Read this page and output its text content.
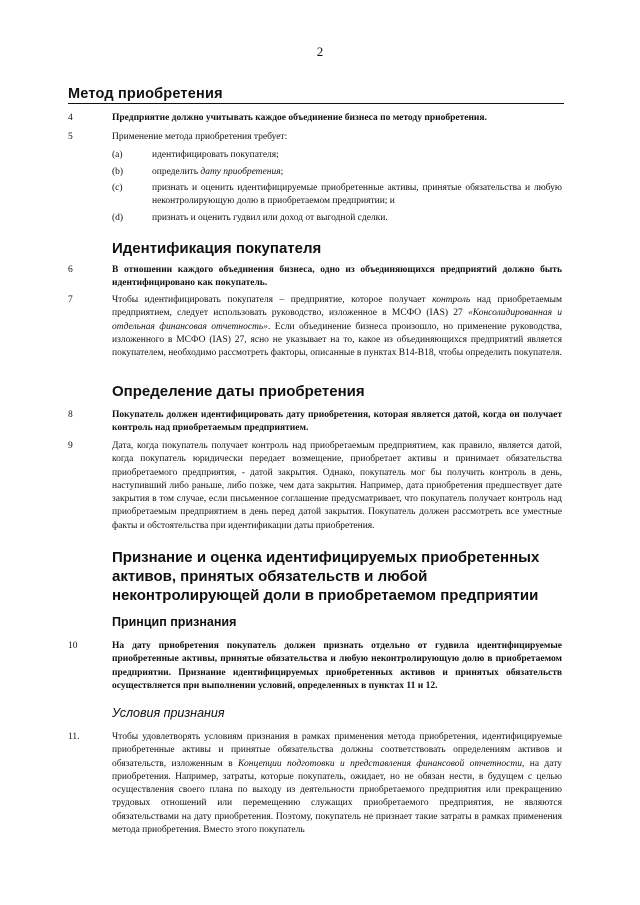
2
Метод приобретения
4	Предприятие должно учитывать каждое объединение бизнеса по методу приобретения.
5	Применение метода приобретения требует:
(a)	идентифицировать покупателя;
(b)	определить дату приобретения;
(c)	признать и оценить идентифицируемые приобретенные активы, принятые обязательства и любую неконтролирующую долю в приобретаемом предприятии; и
(d)	признать и оценить гудвил или доход от выгодной сделки.
Идентификация покупателя
6	В отношении каждого объединения бизнеса, одно из объединяющихся предприятий должно быть идентифицировано как покупатель.
7	Чтобы идентифицировать покупателя – предприятие, которое получает контроль над приобретаемым предприятием, следует использовать руководство, изложенное в МСФО (IAS) 27 «Консолидированная и отдельная финансовая отчетность». Если объединение бизнеса произошло, но применение руководства, изложенного в МСФО (IAS) 27, ясно не указывает на то, какое из объединяющихся предприятий является покупателем, необходимо рассмотреть факторы, описанные в пунктах B14-B18, чтобы определить покупателя.
Определение даты приобретения
8	Покупатель должен идентифицировать дату приобретения, которая является датой, когда он получает контроль над приобретаемым предприятием.
9	Дата, когда покупатель получает контроль над приобретаемым предприятием, как правило, является датой, когда покупатель юридически передает возмещение, приобретает активы и принимает обязательства приобретаемого предприятия, - датой закрытия. Однако, покупатель мог бы получить контроль в день, наступивший либо раньше, либо позже, чем дата закрытия. Например, дата приобретения предшествует дате закрытия в том случае, если письменное соглашение предусматривает, что покупатель получает контроль над приобретаемым предприятием в день перед датой закрытия. Покупатель должен рассмотреть все уместные факты и обстоятельства при идентификации даты приобретения.
Признание и оценка идентифицируемых приобретенных активов, принятых обязательств и любой неконтролирующей доли в приобретаемом предприятии
Принцип признания
10	На дату приобретения покупатель должен признать отдельно от гудвила идентифицируемые приобретенные активы, принятые обязательства и любую неконтролирующую долю в приобретаемом предприятии. Признание идентифицируемых приобретенных активов и принятых обязательств осуществляется при выполнении условий, определенных в пунктах 11 и 12.
Условия признания
11.	Чтобы удовлетворять условиям признания в рамках применения метода приобретения, идентифицируемые приобретенные активы и принятые обязательства должны соответствовать определениям активов и обязательств, изложенным в Концепции подготовки и представления финансовой отчетности, на дату приобретения. Например, затраты, которые покупатель, ожидает, но не обязан нести, в будущем с целью осуществления своего плана по выходу из деятельности приобретаемого предприятия или прекращению трудовых отношений или перемещению служащих приобретаемого предприятия, не являются обязательствами на дату приобретения. Поэтому, покупатель не признает такие затраты в рамках применения метода приобретения. Вместо этого покупатель
